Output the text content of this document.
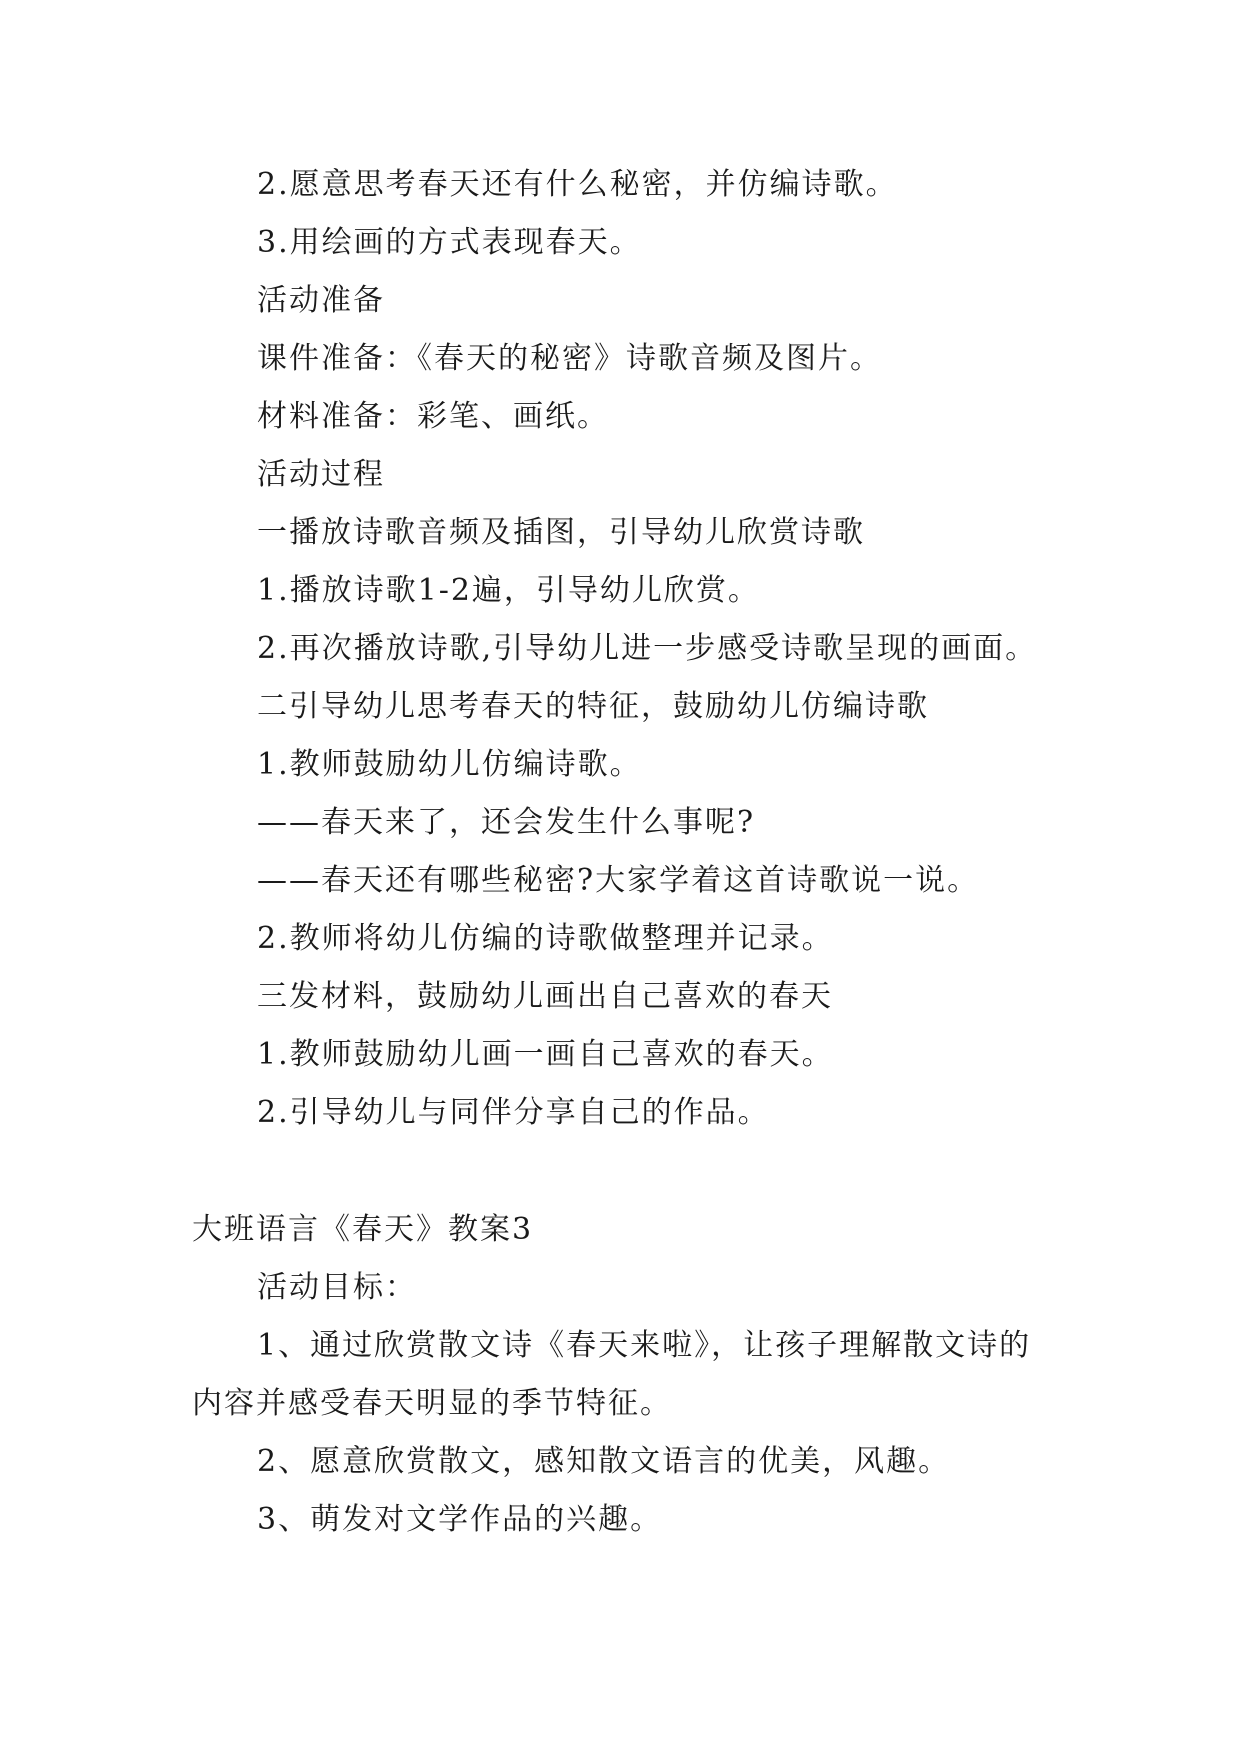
2.愿意思考春天还有什么秘密，并仿编诗歌。
3.用绘画的方式表现春天。
活动准备
课件准备：《春天的秘密》诗歌音频及图片。
材料准备：彩笔、画纸。
活动过程
一播放诗歌音频及插图，引导幼儿欣赏诗歌
1.播放诗歌1-2遍，引导幼儿欣赏。
2.再次播放诗歌,引导幼儿进一步感受诗歌呈现的画面。
二引导幼儿思考春天的特征，鼓励幼儿仿编诗歌
1.教师鼓励幼儿仿编诗歌。
——春天来了，还会发生什么事呢?
——春天还有哪些秘密?大家学着这首诗歌说一说。
2.教师将幼儿仿编的诗歌做整理并记录。
三发材料，鼓励幼儿画出自己喜欢的春天
1.教师鼓励幼儿画一画自己喜欢的春天。
2.引导幼儿与同伴分享自己的作品。
大班语言《春天》教案3
活动目标：
1、通过欣赏散文诗《春天来啦》，让孩子理解散文诗的
内容并感受春天明显的季节特征。
2、愿意欣赏散文，感知散文语言的优美，风趣。
3、萌发对文学作品的兴趣。
